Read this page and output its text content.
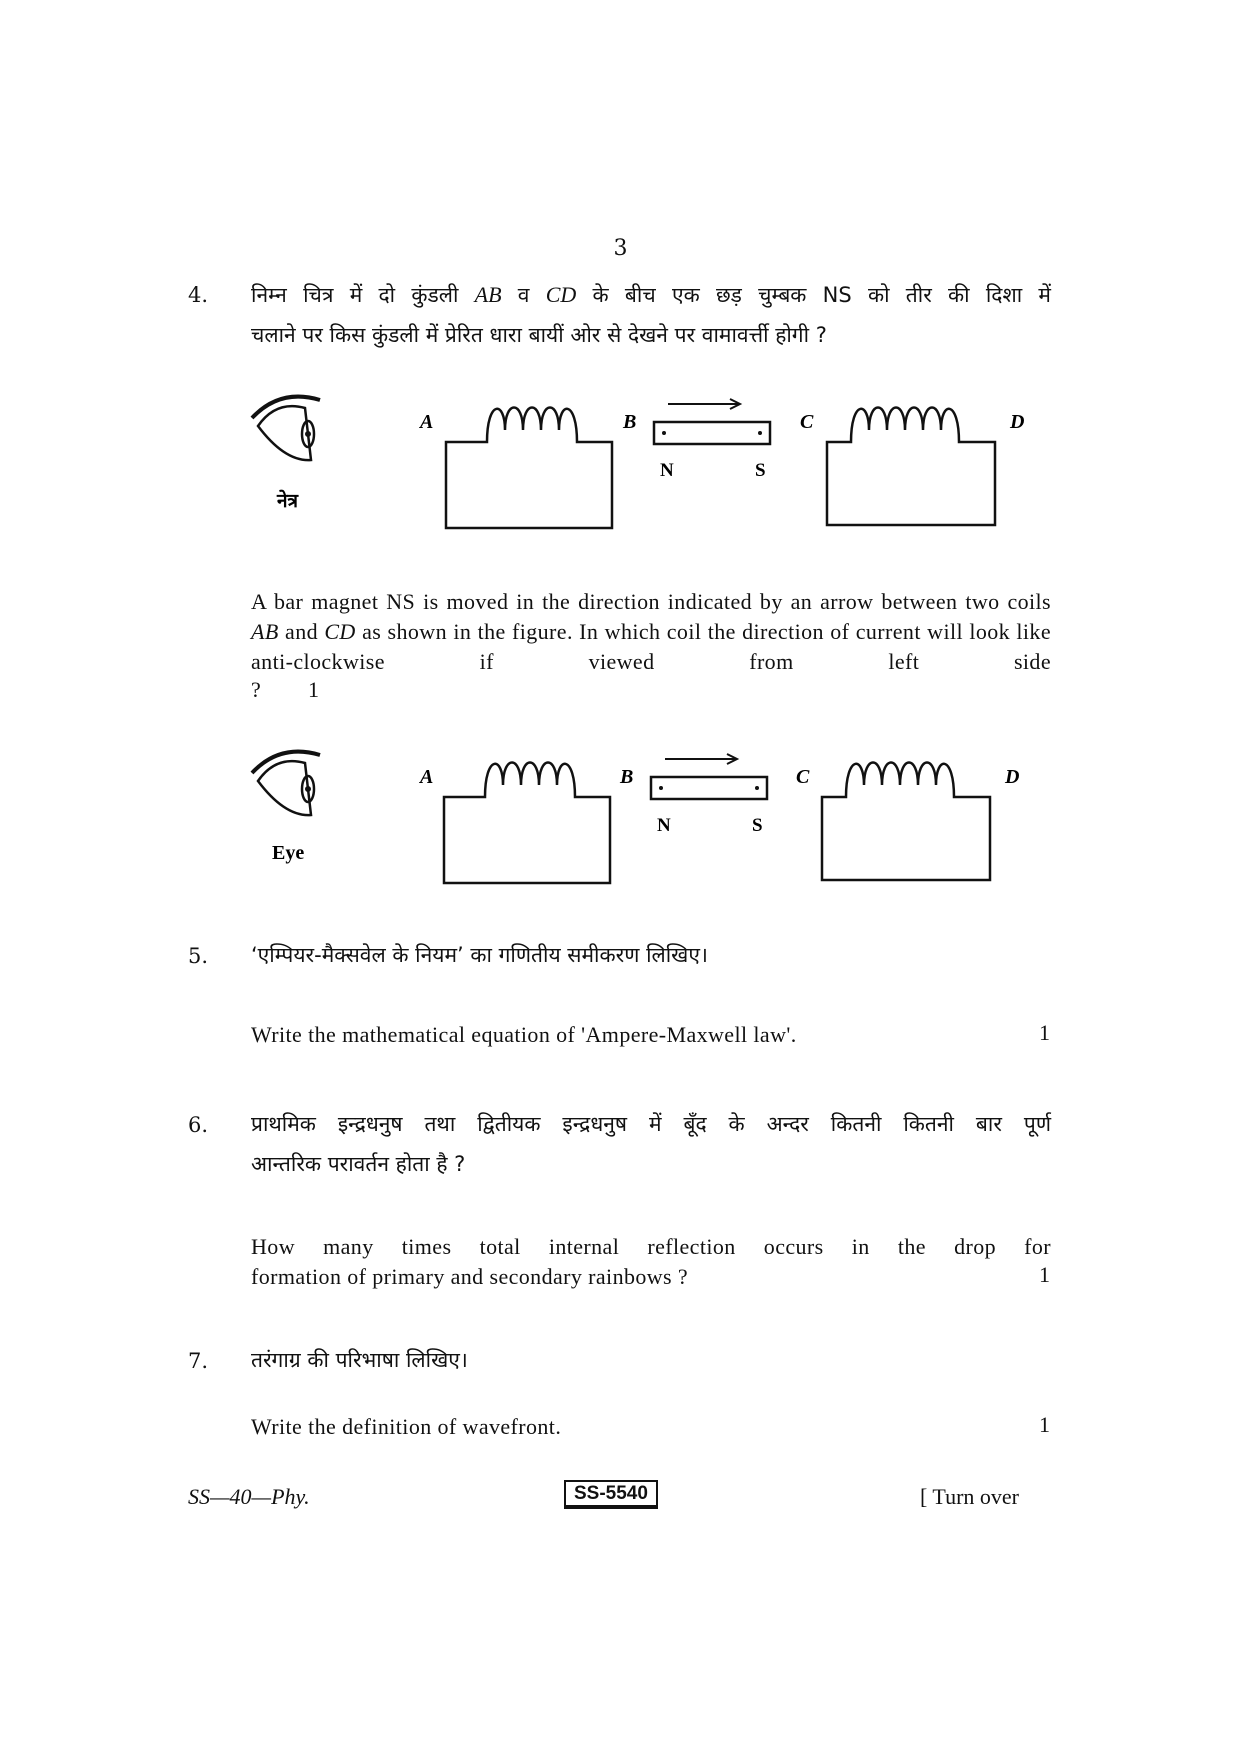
3
4. निम्न चित्र में दो कुंडली AB व CD के बीच एक छड़ चुम्बक NS को तीर की दिशा में
चलाने पर किस कुंडली में प्रेरित धारा बायीं ओर से देखने पर वामावर्त्ती होगी ?
नेत्र
A	B
N	S
C	D
A bar magnet NS is moved in the direction indicated by an arrow between two coils AB and CD as shown in the figure. In which coil the direction of current will look like anti-clockwise if viewed from left side
? 1
Eye
A	B
N	S
C	D
5. ‘एम्पियर-मैक्सवेल के नियम’ का गणितीय समीकरण लिखिए।
Write the mathematical equation of 'Ampere-Maxwell law'.	1
6. प्राथमिक इन्द्रधनुष तथा द्वितीयक इन्द्रधनुष में बूँद के अन्दर कितनी कितनी बार पूर्ण
आन्तरिक परावर्तन होता है ?
How many times total internal reflection occurs in the drop for
formation of primary and secondary rainbows ?	1
7. तरंगाग्र की परिभाषा लिखिए।
Write the definition of wavefront.	1
SS—40—Phy.	SS-5540	[ Turn over
